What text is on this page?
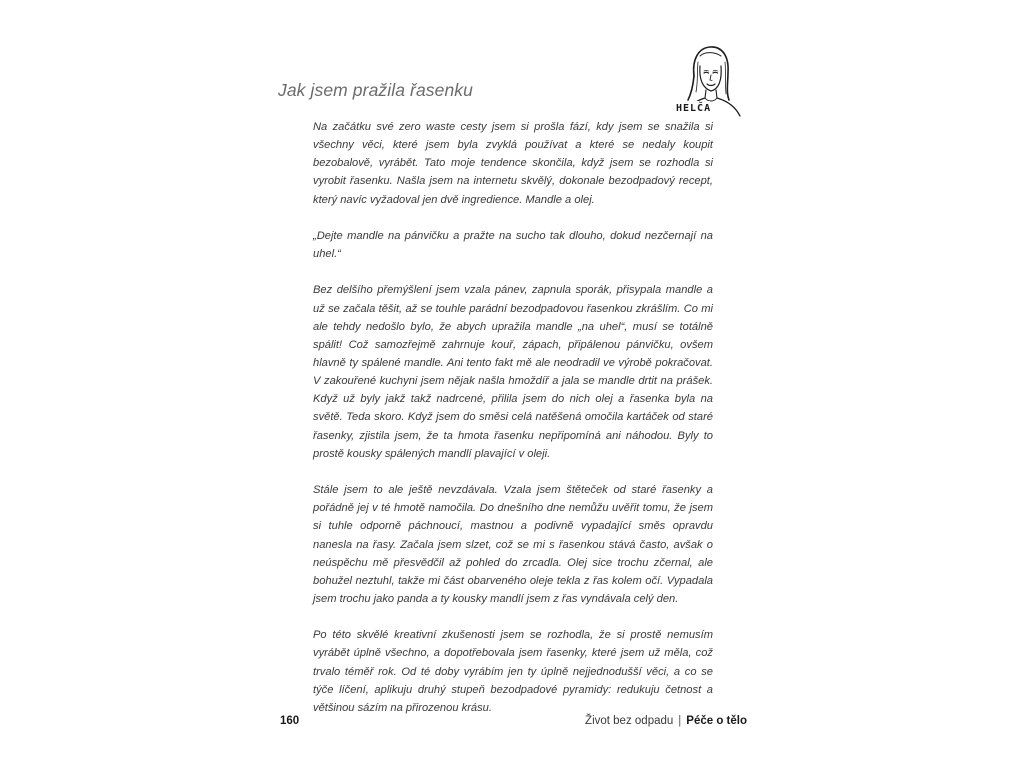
Jak jsem pražila řasenku
HELČA

Na začátku své zero waste cesty jsem si prošla fází, kdy jsem se snažila si všechny věci, které jsem byla zvyklá používat a které se nedaly koupit bezobalově, vyrábět. Tato moje tendence skončila, když jsem se rozhodla si vyrobit řasenku. Našla jsem na internetu skvělý, dokonale bezodpadový recept, který navíc vyžadoval jen dvě ingredience. Mandle a olej.

„Dejte mandle na pánvičku a pražte na sucho tak dlouho, dokud nezčernají na uhel.“

Bez delšího přemýšlení jsem vzala pánev, zapnula sporák, přisypala mandle a už se začala těšit, až se touhle parádní bezodpadovou řasenkou zkrášlím. Co mi ale tehdy nedošlo bylo, že abych upražila mandle „na uhel“, musí se totálně spálit! Což samozřejmě zahrnuje kouř, zápach, připálenou pánvičku, ovšem hlavně ty spálené mandle. Ani tento fakt mě ale neodradil ve výrobě pokračovat. V zakouřené kuchyni jsem nějak našla hmoždíř a jala se mandle drtit na prášek. Když už byly jakž takž nadrcené, přilila jsem do nich olej a řasenka byla na světě. Teda skoro. Když jsem do směsi celá natěšená omočila kartáček od staré řasenky, zjistila jsem, že ta hmota řasenku nepřipomíná ani náhodou. Byly to prostě kousky spálených mandlí plavající v oleji.

Stále jsem to ale ještě nevzdávala. Vzala jsem štěteček od staré řasenky a pořádně jej v té hmotě namočila. Do dnešního dne nemůžu uvěřit tomu, že jsem si tuhle odporně páchnoucí, mastnou a podivně vypadající směs opravdu nanesla na řasy. Začala jsem slzet, což se mi s řasenkou stává často, avšak o neúspěchu mě přesvědčil až pohled do zrcadla. Olej sice trochu zčernal, ale bohužel neztuhl, takže mi část obarveného oleje tekla z řas kolem očí. Vypadala jsem trochu jako panda a ty kousky mandlí jsem z řas vyndávala celý den.

Po této skvělé kreativní zkušenosti jsem se rozhodla, že si prostě nemusím vyrábět úplně všechno, a dopotřebovala jsem řasenky, které jsem už měla, což trvalo téměř rok. Od té doby vyrábím jen ty úplně nejjednodušší věci, a co se týče líčení, aplikuju druhý stupeň bezodpadové pyramidy: redukuju četnost a většinou sázím na přirozenou krásu.

160	Život bez odpadu | Péče o tělo
